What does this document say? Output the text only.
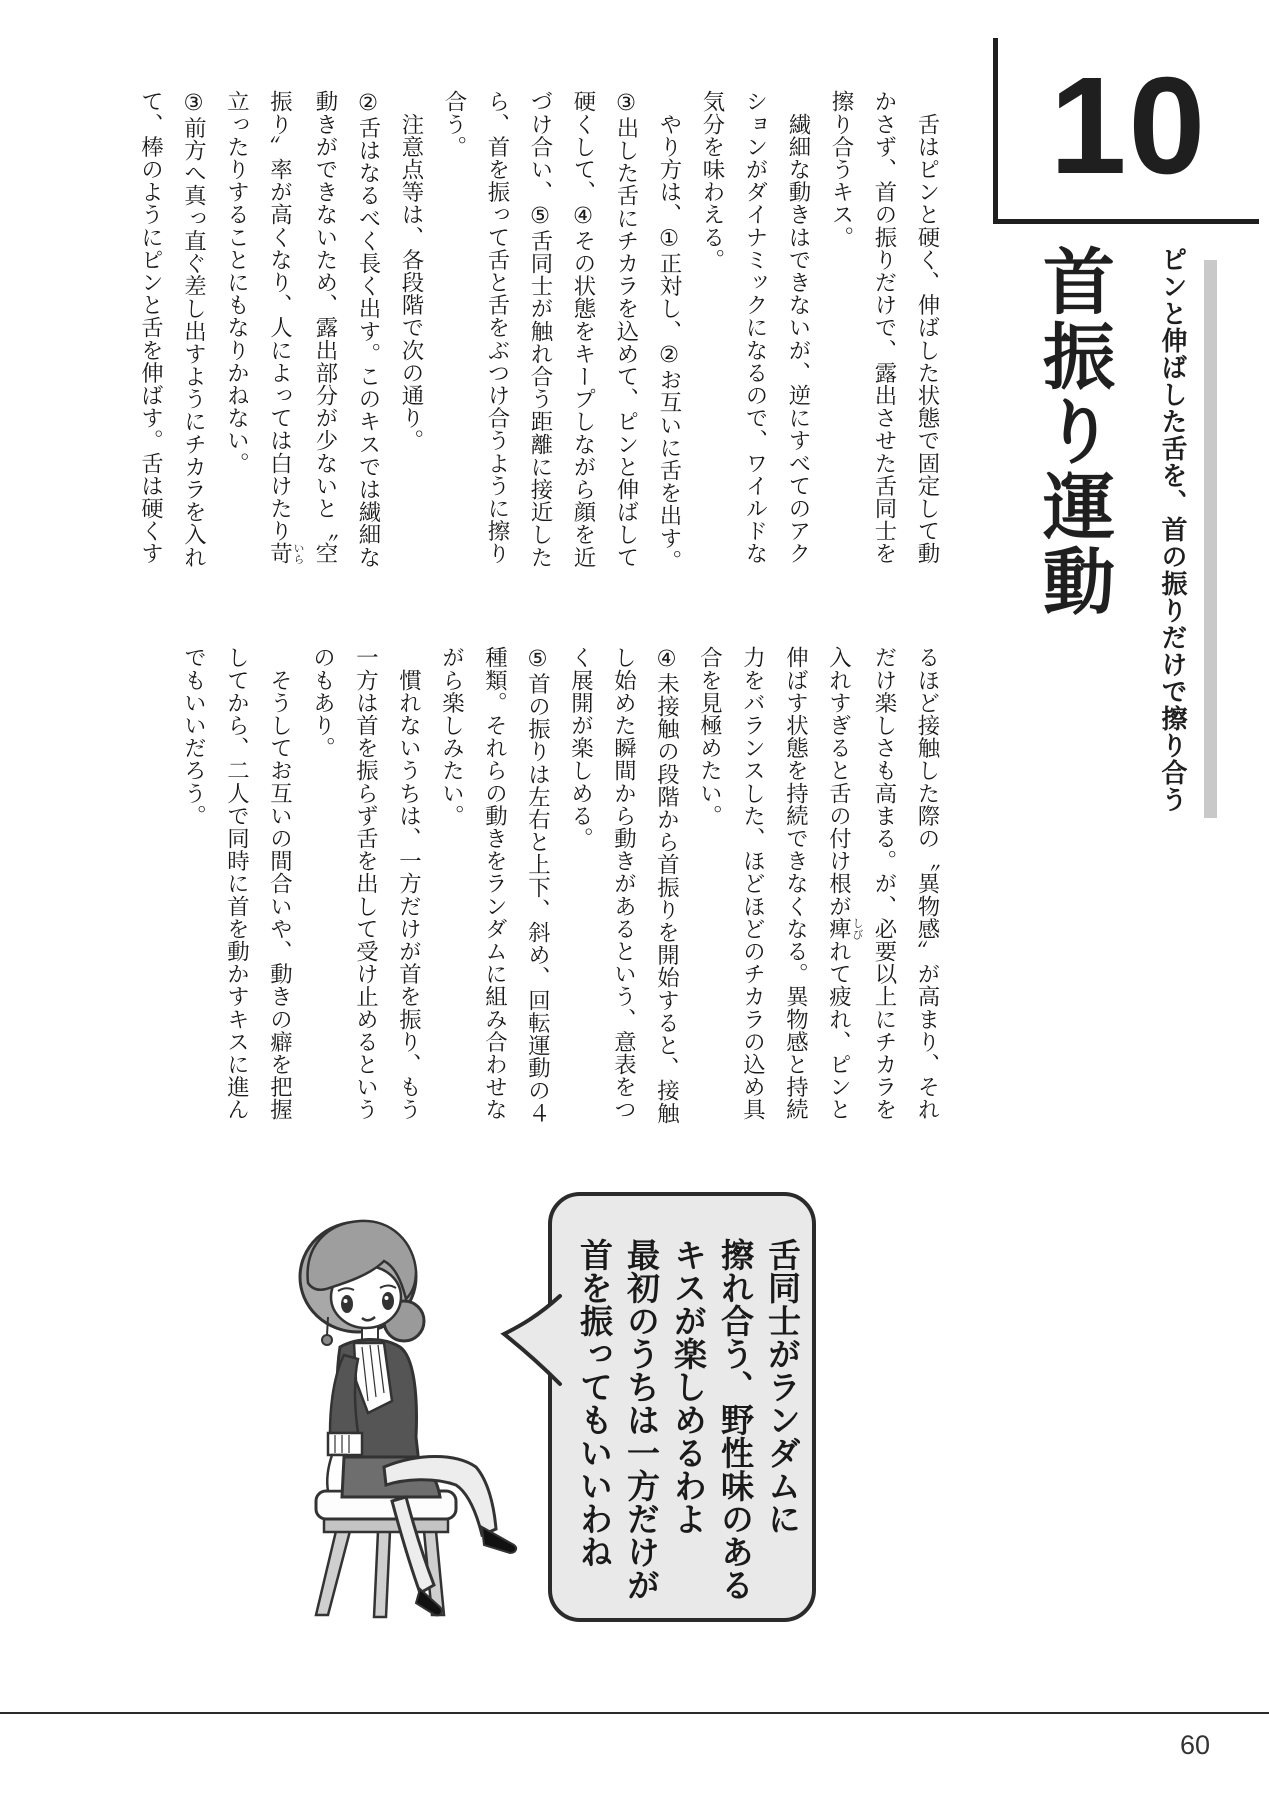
10
首振り運動 ピンと伸ばした舌を、首の振りだけで擦り合う
　舌はピンと硬く、伸ばした状態で固定して動
かさず、首の振りだけで、露出させた舌同士を
擦り合うキス。
　繊細な動きはできないが、逆にすべてのアク
ションがダイナミックになるので、ワイルドな
気分を味わえる。
　やり方は、①正対し、②お互いに舌を出す。
③出した舌にチカラを込めて、ピンと伸ばして
硬くして、④その状態をキープしながら顔を近
づけ合い、⑤舌同士が触れ合う距離に接近した
ら、首を振って舌と舌をぶつけ合うように擦り
合う。
　注意点等は、各段階で次の通り。
②舌はなるべく長く出す。このキスでは繊細な
動きができないため、露出部分が少ないと〝空
振り〞率が高くなり、人によっては白けたり苛 いら
立ったりすることにもなりかねない。
③前方へ真っ直ぐ差し出すようにチカラを入れ
て、棒のようにピンと舌を伸ばす。舌は硬くす
るほど接触した際の〝異物感〞が高まり、それ
だけ楽しさも高まる。が、必要以上にチカラを
入れすぎると舌の付け根が痺 しびれて疲れ、ピンと
伸ばす状態を持続できなくなる。異物感と持続
力をバランスした、ほどほどのチカラの込め具
合を見極めたい。
④未接触の段階から首振りを開始すると、接触
し始めた瞬間から動きがあるという、意表をつ
く展開が楽しめる。
⑤首の振りは左右と上下、斜め、回転運動の４
種類。それらの動きをランダムに組み合わせな
がら楽しみたい。
　慣れないうちは、一方だけが首を振り、もう
一方は首を振らず舌を出して受け止めるという
のもあり。
　そうしてお互いの間合いや、動きの癖を把握
してから、二人で同時に首を動かすキスに進ん
でもいいだろう。
舌同士がランダムに
擦れ合う、野性味のある
キスが楽しめるわよ
最初のうちは一方だけが
首を振ってもいいわね
60
